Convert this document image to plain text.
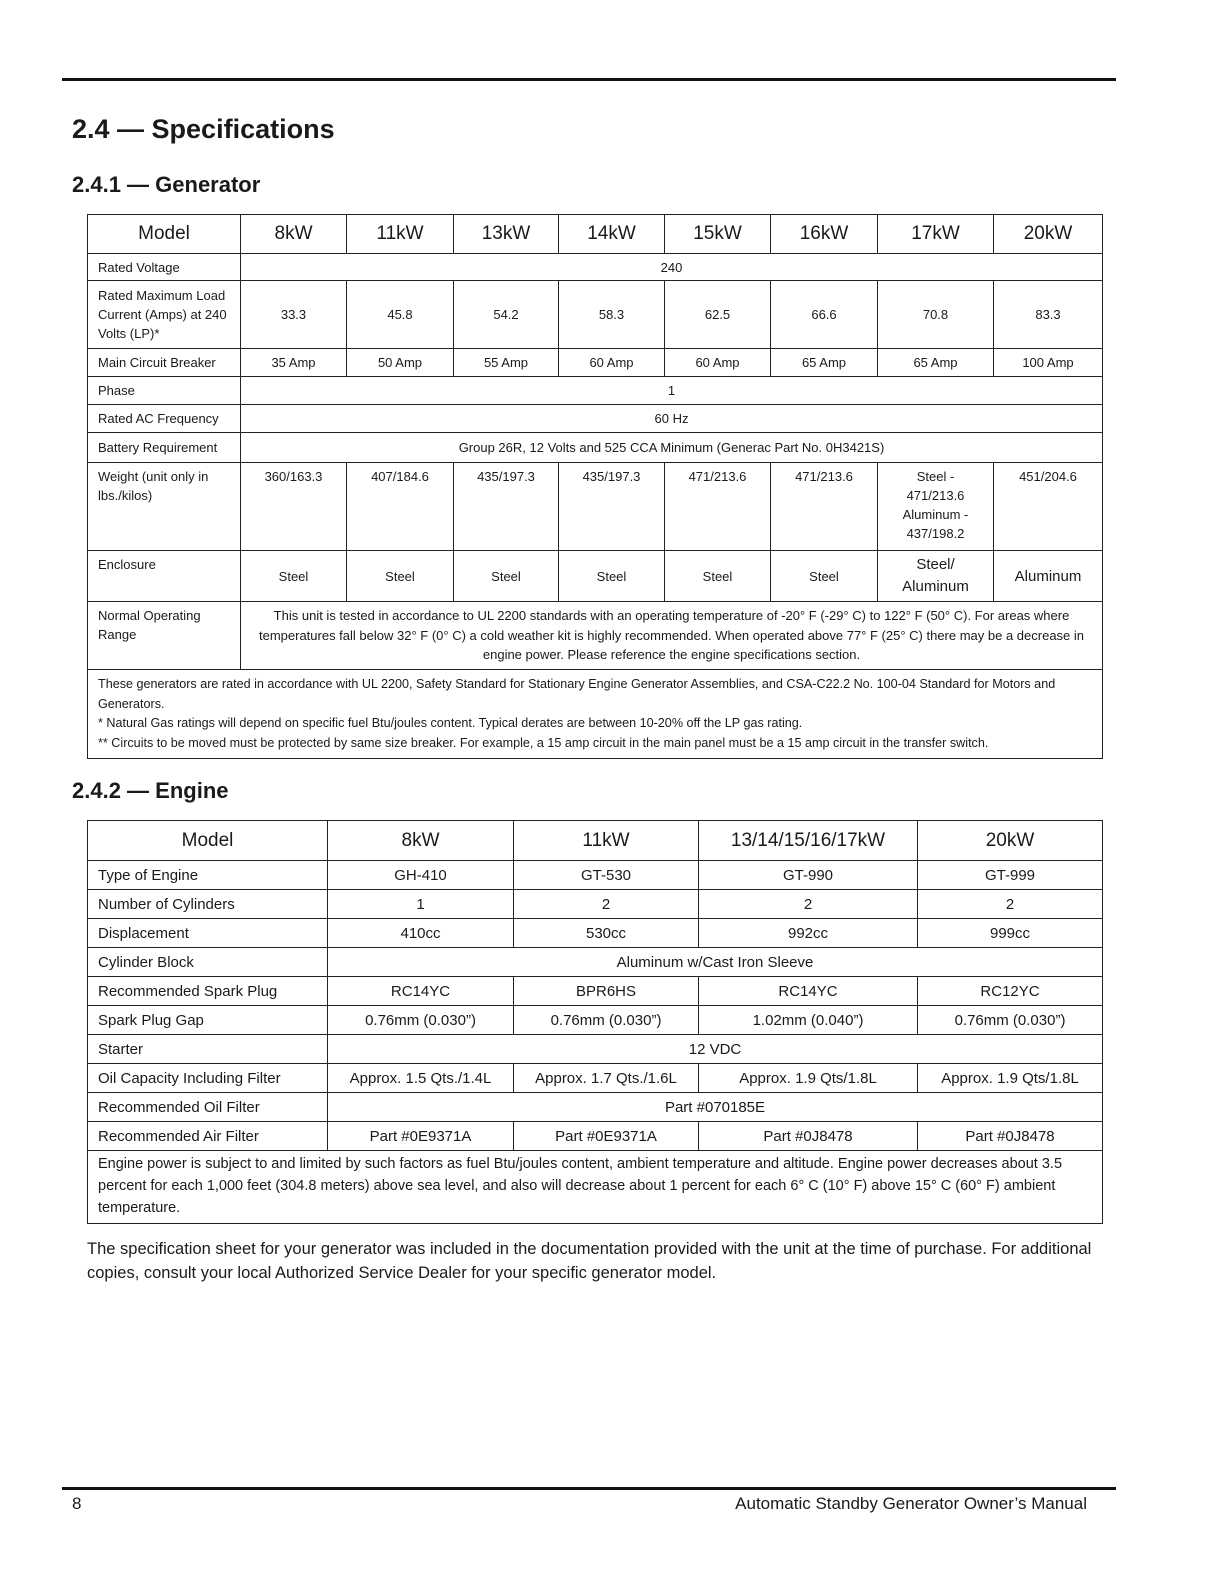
2.4 — Specifications
2.4.1 — Generator
Model	8kW	11kW	13kW	14kW	15kW	16kW	17kW	20kW
Rated Voltage	240							
Rated Maximum Load Current (Amps) at 240 Volts (LP)*	33.3	45.8	54.2	58.3	62.5	66.6	70.8	83.3
Main Circuit Breaker	35 Amp	50 Amp	55 Amp	60 Amp	60 Amp	65 Amp	65 Amp	100 Amp
Phase	1							
Rated AC Frequency	60 Hz							
Battery Requirement	Group 26R, 12 Volts and 525 CCA Minimum (Generac Part No. 0H3421S)							
Weight (unit only in lbs./kilos)	360/163.3	407/184.6	435/197.3	435/197.3	471/213.6	471/213.6	Steel - 471/213.6 Aluminum - 437/198.2	451/204.6
Enclosure	Steel	Steel	Steel	Steel	Steel	Steel	Steel/ Aluminum	Aluminum
Normal Operating Range	This unit is tested in accordance to UL 2200 standards with an operating temperature of -20° F (-29° C) to 122° F (50° C). For areas where temperatures fall below 32° F (0° C) a cold weather kit is highly recommended. When operated above 77° F (25° C) there may be a decrease in engine power. Please reference the engine specifications section.							

These generators are rated in accordance with UL 2200, Safety Standard for Stationary Engine Generator Assemblies, and CSA-C22.2 No. 100-04 Standard for Motors and Generators.
* Natural Gas ratings will depend on specific fuel Btu/joules content. Typical derates are between 10-20% off the LP gas rating.
** Circuits to be moved must be protected by same size breaker. For example, a 15 amp circuit in the main panel must be a 15 amp circuit in the transfer switch.								
2.4.2 — Engine
Model	8kW	11kW	13/14/15/16/17kW	20kW
Type of Engine	GH-410	GT-530	GT-990	GT-999
Number of Cylinders	1	2	2	2
Displacement	410cc	530cc	992cc	999cc
Cylinder Block	Aluminum w/Cast Iron Sleeve			
Recommended Spark Plug	RC14YC	BPR6HS	RC14YC	RC12YC
Spark Plug Gap	0.76mm (0.030”)	0.76mm (0.030”)	1.02mm (0.040”)	0.76mm (0.030”)
Starter	12 VDC			
Oil Capacity Including Filter	Approx. 1.5 Qts./1.4L	Approx. 1.7 Qts./1.6L	Approx. 1.9 Qts/1.8L	Approx. 1.9 Qts/1.8L
Recommended Oil Filter	Part #070185E			
Recommended Air Filter	Part #0E9371A	Part #0E9371A	Part #0J8478	Part #0J8478
Engine power is subject to and limited by such factors as fuel Btu/joules content, ambient temperature and altitude. Engine power decreases about 3.5 percent for each 1,000 feet (304.8 meters) above sea level, and also will decrease about 1 percent for each 6° C (10° F) above 15° C (60° F) ambient temperature.				

The specification sheet for your generator was included in the documentation provided with the unit at the time of purchase. For additional copies, consult your local Authorized Service Dealer for your specific generator model.

8	Automatic Standby Generator Owner’s Manual
